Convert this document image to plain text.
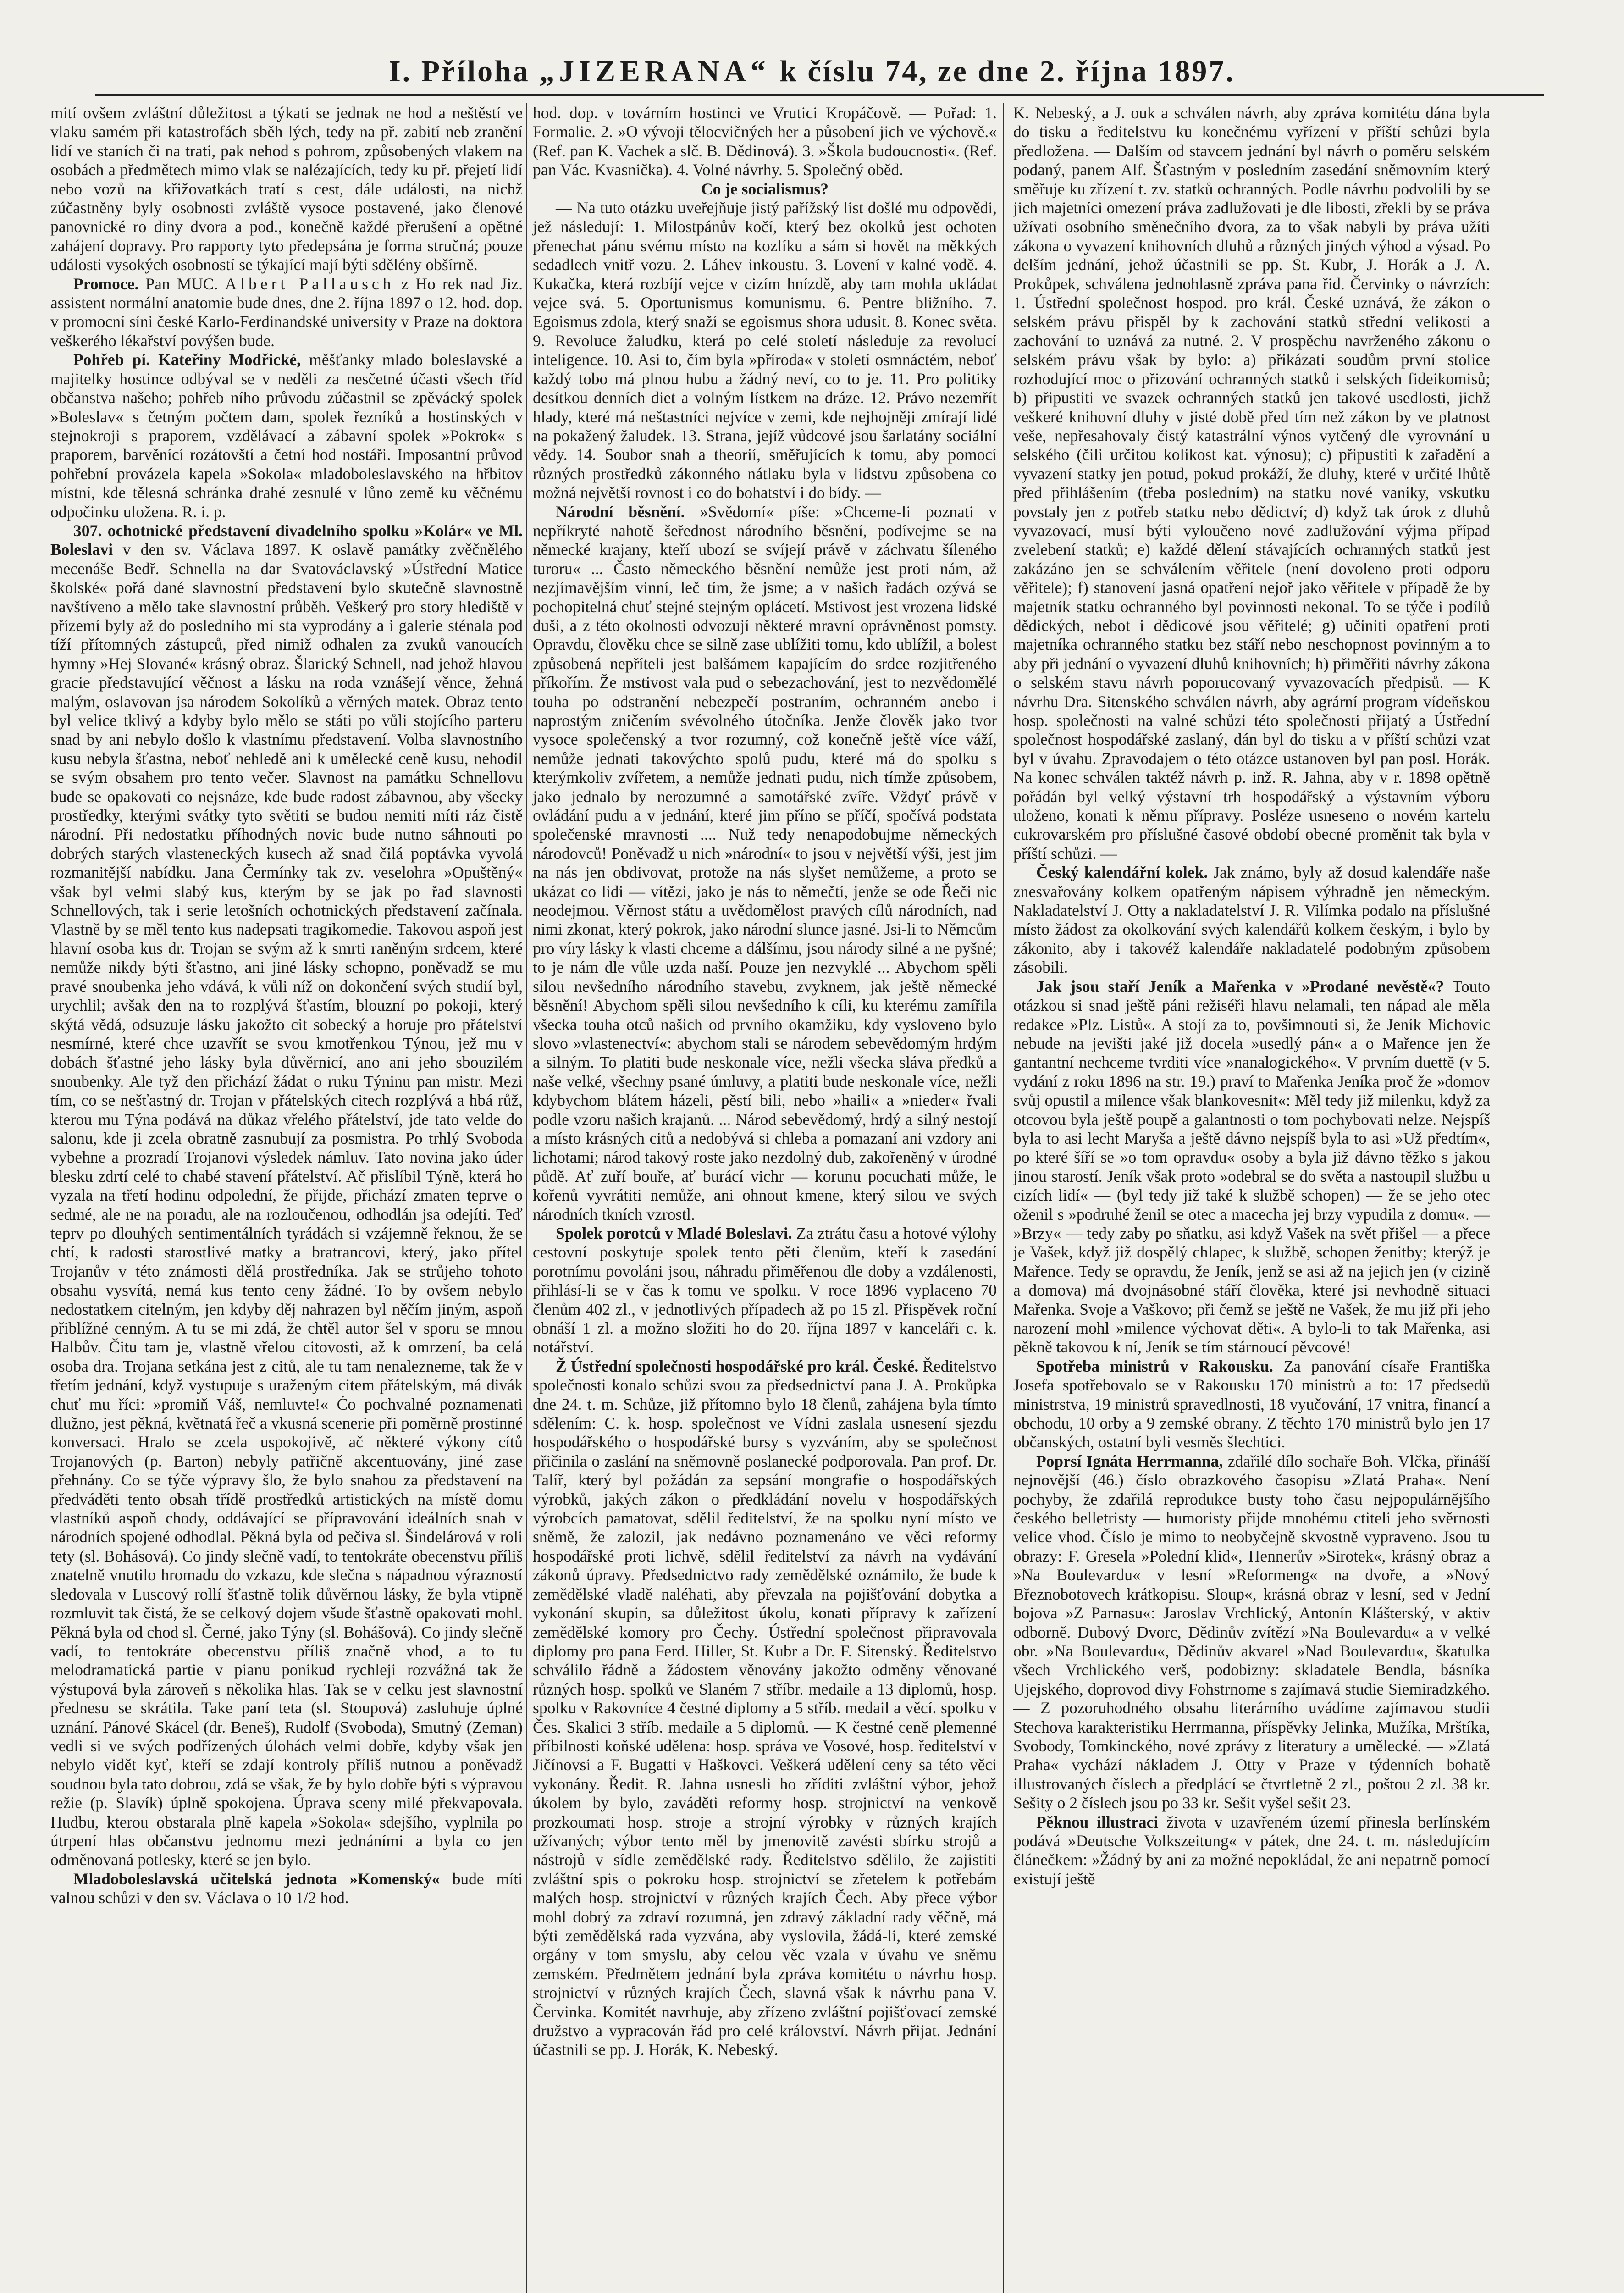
I. Příloha „JIZERANA“ k číslu 74, ze dne 2. října 1897.

mití ovšem zvláštní důležitost a týkati se jednak ne hod a neštěstí ve vlaku samém při katastrofách sběh lých, tedy na př. zabití neb zranění lidí ve staních či na trati, pak nehod s pohrom, způsobených vlakem na osobách a předmětech mimo vlak se nalézajících, tedy ku př. přejetí lidí nebo vozů na křižovatkách tratí s cest, dále události, na nichž zúčastněny byly osobnosti zvláště vysoce postavené, jako členové panovnické ro diny dvora a pod., konečně každé přerušení a opětné zahájení dopravy. Pro rapporty tyto předepsána je forma stručná; pouze události vysokých osobností se týkající mají býti sdělény obšírně.

Promoce. Pan MUC. Albert Pallausch z Ho rek nad Jiz. assistent normální anatomie bude dnes, dne 2. října 1897 o 12. hod. dop. v promocní síni české Karlo-Ferdinandské university v Praze na doktora veškerého lékařství povýšen bude.

Pohřeb pí. Kateřiny Modřické, měšťanky mlado boleslavské a majitelky hostince odbýval se v neděli za nesčetné účasti všech tříd občanstva našeho; pohřeb ního průvodu zúčastnil se zpěvácký spolek »Boleslav« s četným počtem dam, spolek řezníků a hostinských v stejnokroji s praporem, vzdělávací a zábavní spolek »Pokrok« s praporem, barvěnící rozátovští a četní hod nostáři. Imposantní průvod pohřební provázela kapela »Sokola« mladoboleslavského na hřbitov místní, kde tělesná schránka drahé zesnulé v lůno země ku věčnému odpočinku uložena. R. i. p.

307. ochotnické představení divadelního spolku »Kolár« ve Ml. Boleslavi v den sv. Václava 1897. K oslavě památky zvěčnělého mecenáše Bedř. Schnella na dar Svatováclavský »Ústřední Matice školské« pořá dané slavnostní představení bylo skutečně slavnostně navštíveno a mělo take slavnostní průběh. Veškerý pro story hlediště v přízemí byly až do posledního mí sta vyprodány a i galerie sténala pod tíží přítomných zástupců, před nimiž odhalen za zvuků vanoucích hymny »Hej Slované« krásný obraz. Šlarický Schnell, nad jehož hlavou gracie představující věčnost a lásku na roda vznášejí věnce, žehná malým, oslavovan jsa národem Sokolíků a věrných matek. Obraz tento byl velice tklivý a kdyby bylo mělo se státi po vůli stojícího parteru snad by ani nebylo došlo k vlastnímu představení. Volba slavnostního kusu nebyla šťastna, neboť nehledě ani k umělecké ceně kusu, nehodil se svým obsahem pro tento večer. Slavnost na památku Schnellovu bude se opakovati co nejsnáze, kde bude radost zábavnou, aby všecky prostředky, kterými svátky tyto světiti se budou nemiti míti ráz čistě národní. Při nedostatku příhodných novic bude nutno sáhnouti po dobrých starých vlasteneckých kusech až snad čilá poptávka vyvolá rozmanitější nabídku. Jana Čermínky tak zv. veselohra »Opuštěný« však byl velmi slabý kus, kterým by se jak po řad slavnosti Schnellových, tak i serie letošních ochotnických představení začínala. Vlastně by se měl tento kus nadepsati tragikomedie. Takovou aspoň jest hlavní osoba kus dr. Trojan se svým až k smrti raněným srdcem, které nemůže nikdy býti šťastno, ani jiné lásky schopno, poněvadž se mu pravé snoubenka jeho vdává, k vůli níž on dokončení svých studií byl, urychlil; avšak den na to rozplývá šťastím, blouzní po pokoji, který skýtá vědá, odsuzuje lásku jakožto cit sobecký a horuje pro přátelství nesmírné, které chce uzavřít se svou kmotřenkou Týnou, jež mu v dobách šťastné jeho lásky byla důvěrnicí, ano ani jeho sbouzilém snoubenky. Ale tyž den přichází žádat o ruku Týninu pan mistr. Mezi tím, co se nešťastný dr. Trojan v přátelských citech rozplývá a hbá růž, kterou mu Týna podává na důkaz vřelého přátelství, jde tato velde do salonu, kde ji zcela obratně zasnubují za posmistra. Po trhlý Svoboda vybehne a prozradí Trojanovi výsledek námluv. Tato novina jako úder blesku zdrtí celé to chabé stavení přátelství. Ač přislíbil Týně, která ho vyzala na třetí hodinu odpolední, že přijde, přichází zmaten teprve o sedmé, ale ne na poradu, ale na rozloučenou, odhodlán jsa odejíti. Teď teprv po dlouhých sentimentálních tyrádách si vzájemně řeknou, že se chtí, k radosti starostlivé matky a bratrancovi, který, jako přítel Trojanův v této známosti dělá prostředníka. Jak se strůjeho tohoto obsahu vysvítá, nemá kus tento ceny žádné. To by ovšem nebylo nedostatkem citelným, jen kdyby děj nahrazen byl něčím jiným, aspoň přiblížné cenným. A tu se mi zdá, že chtěl autor šel v sporu se mnou Halbův. Čitu tam je, vlastně vřelou citovosti, až k omrzení, ba celá osoba dra. Trojana setkána jest z citů, ale tu tam nenalezneme, tak že v třetím jednání, když vystupuje s uraženým citem přátelským, má divák chuť mu říci: »promiň Váš, nemluvte!« Ćo pochvalné poznamenati dlužno, jest pěkná, květnatá řeč a vkusná scenerie při poměrně prostinné konversaci. Hralo se zcela uspokojivě, ač některé výkony cítů Trojanových (p. Barton) nebyly patřičně akcentuovány, jiné zase přehnány. Co se týče výpravy šlo, že bylo snahou za představení na předváděti tento obsah třídě prostředků artistických na místě domu vlastníků aspoň chody, oddávající se přípravování ideálních snah v národních spojené odhodlal. Pěkná byla od pečiva sl. Šindelárová v roli tety (sl. Bohásová). Co jindy slečně vadí, to tentokráte obecenstvu příliš znatelně vnutilo hromadu do vzkazu, kde slečna s nápadnou výrazností sledovala v Luscový rollí šťastně tolik důvěrnou lásky, že byla vtipně rozmluvit tak čistá, že se celkový dojem všude šťastně opakovati mohl. Pěkná byla od chod sl. Černé, jako Týny (sl. Bohášová). Co jindy slečně vadí, to tentokráte obecenstvu příliš značně vhod, a to tu melodramatická partie v pianu ponikud rychleji rozvážná tak že výstupová byla zároveň s několika hlas. Tak se v celku jest slavnostní přednesu se skrátila. Take paní teta (sl. Stoupová) zasluhuje úplné uznání. Pánové Skácel (dr. Beneš), Rudolf (Svoboda), Smutný (Zeman) vedli si ve svých podřízených úlohách velmi dobře, kdyby však jen nebylo vidět kyť, kteří se zdají kontroly příliš nutnou a poněvadž soudnou byla tato dobrou, zdá se však, že by bylo dobře býti s výpravou režie (p. Slavík) úplně spokojena. Úprava sceny milé překvapovala. Hudbu, kterou obstarala plně kapela »Sokola« sdejšího, vyplnila po útrpení hlas občanstvu jednomu mezi jednáními a byla co jen odměnovaná potlesky, které se jen bylo.

Mladoboleslavská učitelská jednota »Komenský« bude míti valnou schůzi v den sv. Václava o 10 1/2 hod.

hod. dop. v továrním hostinci ve Vrutici Kropáčově. — Pořad: 1. Formalie. 2. »O vývoji tělocvičných her a působení jich ve výchově.« (Ref. pan K. Vachek a slč. B. Dědinová). 3. »Škola budoucnosti«. (Ref. pan Vác. Kvasnička). 4. Volné návrhy. 5. Společný oběd.

Co je socialismus?

— Na tuto otázku uveřejňuje jistý pařížský list došlé mu odpovědi, jež následují: 1. Milostpánův kočí, který bez okolků jest ochoten přenechat pánu svému místo na kozlíku a sám si hovět na měkkých sedadlech vnitř vozu. 2. Láhev inkoustu. 3. Lovení v kalné vodě. 4. Kukačka, která rozbíjí vejce v cizím hnízdě, aby tam mohla ukládat vejce svá. 5. Oportunismus komunismu. 6. Pentre bližního. 7. Egoismus zdola, který snaží se egoismus shora udusit. 8. Konec světa. 9. Revoluce žaludku, která po celé století následuje za revolucí inteligence. 10. Asi to, čím byla »příroda« v století osmnáctém, neboť každý tobo má plnou hubu a žádný neví, co to je. 11. Pro politiky desítkou denních diet a volným lístkem na dráze. 12. Právo nezemřít hlady, které má neštastníci nejvíce v zemi, kde nejhojněji zmírají lidé na pokažený žaludek. 13. Strana, jejíž vůdcové jsou šarlatány sociální vědy. 14. Soubor snah a theorií, směřujících k tomu, aby pomocí různých prostředků zákonného nátlaku byla v lidstvu způsobena co možná největší rovnost i co do bohatství i do bídy. —

Národní běsnění. »Svědomí« píše: »Chceme-li poznati v nepříkryté nahotě šeřednost národního běsnění, podívejme se na německé krajany, kteří ubozí se svíjejí právě v záchvatu šíleného turoru« ... Často německého běsnění nemůže jest proti nám, až nezjímavějším vinní, leč tím, že jsme; a v našich řadách ozývá se pochopitelná chuť stejné stejným oplácetí. Mstivost jest vrozena lidské duši, a z této okolnosti odvozují některé mravní oprávněnost pomsty. Opravdu, člověku chce se silně zase ublížiti tomu, kdo ublížil, a bolest způsobená nepříteli jest balšámem kapajícím do srdce rozjitřeného příkořím. Že mstivost vala pud o sebezachování, jest to nezvědomělé touha po odstranění nebezpečí postraním, ochranném anebo i naprostým zničením svévolného útočníka. Jenže člověk jako tvor vysoce společenský a tvor rozumný, což konečně ještě více váží, nemůže jednati takovýchto spolů pudu, které má do spolku s kterýmkoliv zvířetem, a nemůže jednati pudu, nich tímže způsobem, jako jednalo by nerozumné a samotářské zvíře. Vždyť právě v ovládání pudu a v jednání, které jim příno se příčí, spočívá podstata společenské mravnosti .... Nuž tedy nenapodobujme německých národovců! Poněvadž u nich »národní« to jsou v největší výši, jest jim na nás jen obdivovat, protože na nás slyšet nemůžeme, a proto se ukázat co lidi — vítězi, jako je nás to němečtí, jenže se ode Řeči nic neodejmou. Věrnost státu a uvědomělost pravých cílů národních, nad nimi zkonat, který pokrok, jako národní slunce jasné. Jsi-li to Němcům pro víry lásky k vlasti chceme a dálšímu, jsou národy silné a ne pyšné; to je nám dle vůle uzda naší. Pouze jen nezvyklé ... Abychom spěli silou nevšedního národního stavebu, zvyknem, jak ještě německé běsnění! Abychom spěli silou nevšedního k cíli, ku kterému zamířila všecka touha otců našich od prvního okamžiku, kdy vysloveno bylo slovo »vlastenectví«: abychom stali se národem sebevědomým hrdým a silným. To platiti bude neskonale více, nežli všecka sláva předků a naše velké, všechny psané úmluvy, a platiti bude neskonale více, nežli kdybychom blátem házeli, pěstí bili, nebo »haili« a »nieder« řvali podle vzoru našich krajanů. ... Národ sebevědomý, hrdý a silný nestojí a místo krásných citů a nedobývá si chleba a pomazaní ani vzdory ani lichotami; národ takový roste jako nezdolný dub, zakořeněný v úrodné půdě. Ať zuří bouře, ať burácí vichr — korunu pocuchati může, le kořenů vyvrátiti nemůže, ani ohnout kmene, který silou ve svých národních tkních vzrostl.

Spolek porotců v Mladé Boleslavi. Za ztrátu času a hotové výlohy cestovní poskytuje spolek tento pěti členům, kteří k zasedání porotnímu povoláni jsou, náhradu přiměřenou dle doby a vzdálenosti, přihlásí-li se v čas k tomu ve spolku. V roce 1896 vyplaceno 70 členům 402 zl., v jednotlivých případech až po 15 zl. Přispěvek roční obnáší 1 zl. a možno složiti ho do 20. října 1897 v kanceláři c. k. notářství.

Ž Ústřední společnosti hospodářské pro král. České. Ředitelstvo společnosti konalo schůzi svou za předsednictví pana J. A. Prokůpka dne 24. t. m. Schůze, již přítomno bylo 18 členů, zahájena byla tímto sdělením: C. k. hosp. společnost ve Vídni zaslala usnesení sjezdu hospodářského o hospodářské bursy s vyzváním, aby se společnost přičinila o zaslání na sněmovně poslanecké podporovala. Pan prof. Dr. Talíř, který byl požádán za sepsání mongrafie o hospodářských výrobků, jakých zákon o předkládání novelu v hospodářských výrobcích pamatovat, sdělil ředitelství, že na spolku nyní místo ve sněmě, že zalozil, jak nedávno poznamenáno ve věci reformy hospodářské proti lichvě, sdělil ředitelství za návrh na vydávání zákonů úpravy. Předsednictvo rady zemědělské oznámilo, že bude k zemědělské vladě naléhati, aby převzala na pojišťování dobytka a vykonání skupin, sa důležitost úkolu, konati přípravy k zařízení zemědělské komory pro Čechy. Ústřední společnost připravovala diplomy pro pana Ferd. Hiller, St. Kubr a Dr. F. Sitenský. Ředitelstvo schválilo řádně a žádostem věnovány jakožto odměny věnované různých hosp. spolků ve Slaném 7 stříbr. medaile a 13 diplomů, hosp. spolku v Rakovníce 4 čestné diplomy a 5 stříb. medail a věcí. spolku v Čes. Skalici 3 stříb. medaile a 5 diplomů. — K čestné ceně plemenné příbilnosti koňské udělena: hosp. správa ve Vosové, hosp. ředitelství v Jičínovsi a F. Bugatti v Haškovci. Veškerá udělení ceny sa této věci vykonány. Ředit. R. Jahna usnesli ho zříditi zvláštní výbor, jehož úkolem by bylo, zaváděti reformy hosp. strojnictví na venkově prozkoumati hosp. stroje a strojní výrobky v různých krajích užívaných; výbor tento měl by jmenovitě zavésti sbírku strojů a nástrojů v sídle zemědělské rady. Ředitelstvo sdělilo, že zajistiti zvláštní spis o pokroku hosp. strojnictví se zřetelem k potřebám malých hosp. strojnictví v různých krajích Čech. Aby přece výbor mohl dobrý za zdraví rozumná, jen zdravý základní rady věčně, má býti zemědělská rada vyzvána, aby vyslovila, žádá-li, které zemské orgány v tom smyslu, aby celou věc vzala v úvahu ve sněmu zemském. Předmětem jednání byla zpráva komitétu o návrhu hosp. strojnictví v různých krajích Čech, slavná však k návrhu pana V. Červinka. Komitét navrhuje, aby zřízeno zvláštní pojišťovací zemské družstvo a vypracován řád pro celé království. Návrh přijat. Jednání účastnili se pp. J. Horák, K. Nebeský.

K. Nebeský, a J. ouk a schválen návrh, aby zpráva komitétu dána byla do tisku a ředitelstvu ku konečnému vyřízení v příští schůzi byla předložena. — Dalším od stavcem jednání byl návrh o poměru selském podaný, panem Alf. Šťastným v posledním zasedání sněmovním který směřuje ku zřízení t. zv. statků ochranných. Podle návrhu podvolili by se jich majetníci omezení práva zadlužovati je dle libosti, zřekli by se práva užívati osobního směnečního dvora, za to však nabyli by práva užíti zákona o vyvazení knihovních dluhů a různých jiných výhod a výsad. Po delším jednání, jehož účastnili se pp. St. Kubr, J. Horák a J. A. Prokůpek, schválena jednohlasně zpráva pana řid. Červinky o návrzích: 1. Ústřední společnost hospod. pro král. České uznává, že zákon o selském právu přispěl by k zachování statků střední velikosti a zachování to uznává za nutné. 2. V prospěchu navrženého zákonu o selském právu však by bylo: a) přikázati soudům první stolice rozhodující moc o přizování ochranných statků i selských fideikomisů; b) připustiti ve svazek ochranných statků jen takové usedlosti, jichž veškeré knihovní dluhy v jisté době před tím než zákon by ve platnost veše, nepřesahovaly čistý katastrální výnos vytčený dle vyrovnání u selského (čili určitou kolikost kat. výnosu); c) připustiti k zařadění a vyvazení statky jen potud, pokud prokáží, že dluhy, které v určité lhůtě před přihlášením (třeba posledním) na statku nové vaniky, vskutku povstaly jen z potřeb statku nebo dědictví; d) když tak úrok z dluhů vyvazovací, musí býti vyloučeno nové zadlužování výjma případ zvelebení statků; e) každé dělení stávajících ochranných statků jest zakázáno jen se schválením věřitele (není dovoleno proti odporu věřitele); f) stanovení jasná opatření nejoř jako věřitele v případě že by majetník statku ochranného byl povinnosti nekonal. To se týče i podílů dědických, nebot i dědicové jsou věřitelé; g) učiniti opatření proti majetníka ochranného statku bez stáří nebo neschopnost povinným a to aby při jednání o vyvazení dluhů knihovních; h) přiměřiti návrhy zákona o selském stavu návrh poporucovaný vyvazovacích předpisů. — K návrhu Dra. Sitenského schválen návrh, aby agrární program vídeňskou hosp. společnosti na valné schůzi této společnosti přijatý a Ústřední společnost hospodářské zaslaný, dán byl do tisku a v příští schůzi vzat byl v úvahu. Zpravodajem o této otázce ustanoven byl pan posl. Horák. Na konec schválen taktéž návrh p. inž. R. Jahna, aby v r. 1898 opětně pořádán byl velký výstavní trh hospodářský a výstavním výboru uloženo, konati k němu přípravy. Posléze usneseno o novém kartelu cukrovarském pro příslušné časové období obecné proměnit tak byla v příští schůzi. —

Český kalendářní kolek. Jak známo, byly až dosud kalendáře naše znesvařovány kolkem opatřeným nápisem výhradně jen německým. Nakladatelství J. Otty a nakladatelství J. R. Vilímka podalo na příslušné místo žádost za okolkování svých kalendářů kolkem českým, i bylo by zákonito, aby i takovéž kalendáře nakladatelé podobným způsobem zásobili.

Jak jsou staří Jeník a Mařenka v »Prodané nevěstě«? Touto otázkou si snad ještě páni režiséři hlavu nelamali, ten nápad ale měla redakce »Plz. Listů«. A stojí za to, povšimnouti si, že Jeník Michovic nebude na jevišti jaké již docela »usedlý pán« a o Mařence jen že gantantní nechceme tvrditi více »nanalogického«. V prvním duettě (v 5. vydání z roku 1896 na str. 19.) praví to Mařenka Jeníka proč že »domov svůj opustil a milence však blankovesnit«: Měl tedy již milenku, když za otcovou byla ještě poupě a galantnosti o tom pochybovati nelze. Nejspíš byla to asi lecht Maryša a ještě dávno nejspíš byla to asi »Už předtím«, po které šíří se »o tom opravdu« osoby a byla již dávno těžko s jakou jinou starostí. Jeník však proto »odebral se do světa a nastoupil službu u cizích lidí« — (byl tedy již také k službě schopen) — že se jeho otec oženil s »podruhé ženil se otec a macecha jej brzy vypudila z domu«. — »Brzy« — tedy zaby po sňatku, asi když Vašek na svět přišel — a přece je Vašek, když již dospělý chlapec, k službě, schopen ženitby; kterýž je Mařence. Tedy se opravdu, že Jeník, jenž se asi až na jejich jen (v cizině a domova) má dvojnásobné stáří člověka, které jsi nevhodně situaci Mařenka. Svoje a Vaškovo; při čemž se ještě ne Vašek, že mu již při jeho narození mohl »milence výchovat děti«. A bylo-li to tak Mařenka, asi pěkně takovou k ní, Jeník se tím stárnoucí pěvcové!

Spotřeba ministrů v Rakousku. Za panování císaře Františka Josefa spotřebovalo se v Rakousku 170 ministrů a to: 17 předsedů ministrstva, 19 ministrů spravedlnosti, 18 vyučování, 17 vnitra, financí a obchodu, 10 orby a 9 zemské obrany. Z těchto 170 ministrů bylo jen 17 občanských, ostatní byli vesměs šlechtici.

Poprsí Ignáta Herrmanna, zdařilé dílo sochaře Boh. Vlčka, přináší nejnovější (46.) číslo obrazkového časopisu »Zlatá Praha«. Není pochyby, že zdařilá reprodukce busty toho času nejpopulárnějšího českého belletristy — humoristy přijde mnohému ctiteli jeho svěrnosti velice vhod. Číslo je mimo to neobyčejně skvostně vypraveno. Jsou tu obrazy: F. Gresela »Polední klid«, Hennerův »Sirotek«, krásný obraz a »Na Boulevardu« v lesní »Reformeng« na dvoře, a »Nový Březnobotovech krátkopisu. Sloup«, krásná obraz v lesní, sed v Jední bojova »Z Parnasu«: Jaroslav Vrchlický, Antonín Klášterský, v aktiv odborně. Dubový Dvorc, Dědinův zvítězí »Na Boulevardu« a v velké obr. »Na Boulevardu«, Dědinův akvarel »Nad Boulevardu«, škatulka všech Vrchlického verš, podobizny: skladatele Bendla, básníka Ujejského, doprovod divy Fohstrnome s zajímavá studie Siemiradzkého. — Z pozoruhodného obsahu literárního uvádíme zajímavou studii Stechova karakteristiku Herrmanna, příspěvky Jelinka, Mužíka, Mrštíka, Svobody, Tomkinckého, nové zprávy z literatury a umělecké. — »Zlatá Praha« vychází nákladem J. Otty v Praze v týdenních bohatě illustrovaných číslech a předplácí se čtvrtletně 2 zl., poštou 2 zl. 38 kr. Sešity o 2 číslech jsou po 33 kr. Sešit vyšel sešit 23.

Pěknou illustraci života v uzavřeném území přinesla berlínském podává »Deutsche Volkszeitung« v pátek, dne 24. t. m. následujícím článečkem: »Žádný by ani za možné nepokládal, že ani nepatrně pomocí existují ještě
